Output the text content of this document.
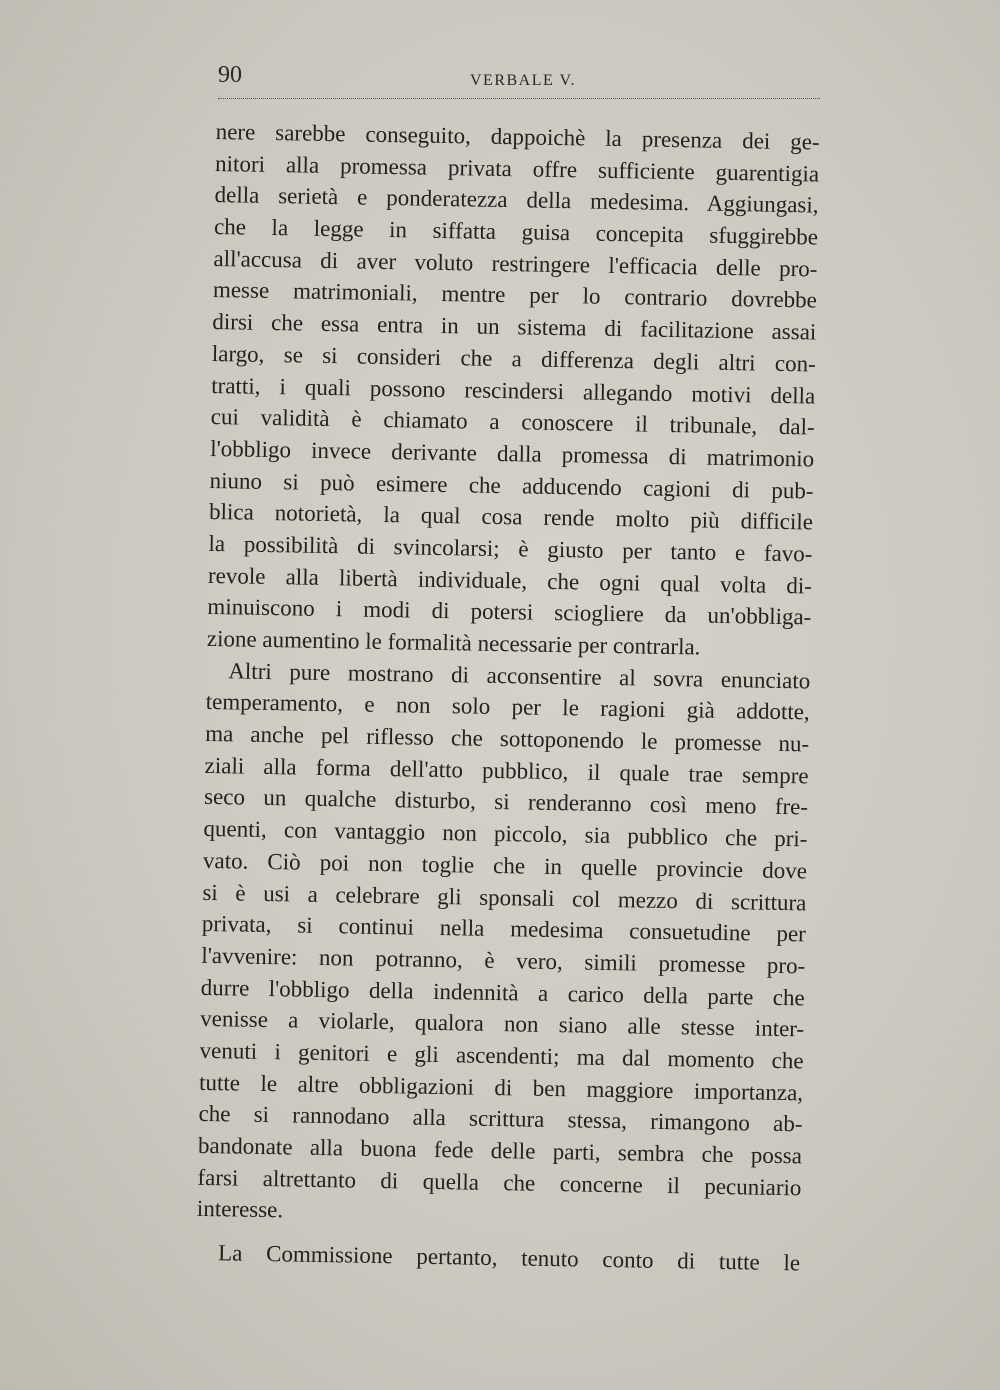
90	VERBALE V.
nere sarebbe conseguito, dappoichè la presenza dei ge-
nitori alla promessa privata offre sufficiente guarentigia
della serietà e ponderatezza della medesima. Aggiungasi,
che la legge in siffatta guisa concepita sfuggirebbe
all'accusa di aver voluto restringere l'efficacia delle pro-
messe matrimoniali, mentre per lo contrario dovrebbe
dirsi che essa entra in un sistema di facilitazione assai
largo, se si consideri che a differenza degli altri con-
tratti, i quali possono rescindersi allegando motivi della
cui validità è chiamato a conoscere il tribunale, dal-
l'obbligo invece derivante dalla promessa di matrimonio
niuno si può esimere che adducendo cagioni di pub-
blica notorietà, la qual cosa rende molto più difficile
la possibilità di svincolarsi; è giusto per tanto e favo-
revole alla libertà individuale, che ogni qual volta di-
minuiscono i modi di potersi sciogliere da un'obbliga-
zione aumentino le formalità necessarie per contrarla.
Altri pure mostrano di acconsentire al sovra enunciato
temperamento, e non solo per le ragioni già addotte,
ma anche pel riflesso che sottoponendo le promesse nu-
ziali alla forma dell'atto pubblico, il quale trae sempre
seco un qualche disturbo, si renderanno così meno fre-
quenti, con vantaggio non piccolo, sia pubblico che pri-
vato. Ciò poi non toglie che in quelle provincie dove
si è usi a celebrare gli sponsali col mezzo di scrittura
privata, si continui nella medesima consuetudine per
l'avvenire: non potranno, è vero, simili promesse pro-
durre l'obbligo della indennità a carico della parte che
venisse a violarle, qualora non siano alle stesse inter-
venuti i genitori e gli ascendenti; ma dal momento che
tutte le altre obbligazioni di ben maggiore importanza,
che si rannodano alla scrittura stessa, rimangono ab-
bandonate alla buona fede delle parti, sembra che possa
farsi altrettanto di quella che concerne il pecuniario
interesse.
La Commissione pertanto, tenuto conto di tutte le
